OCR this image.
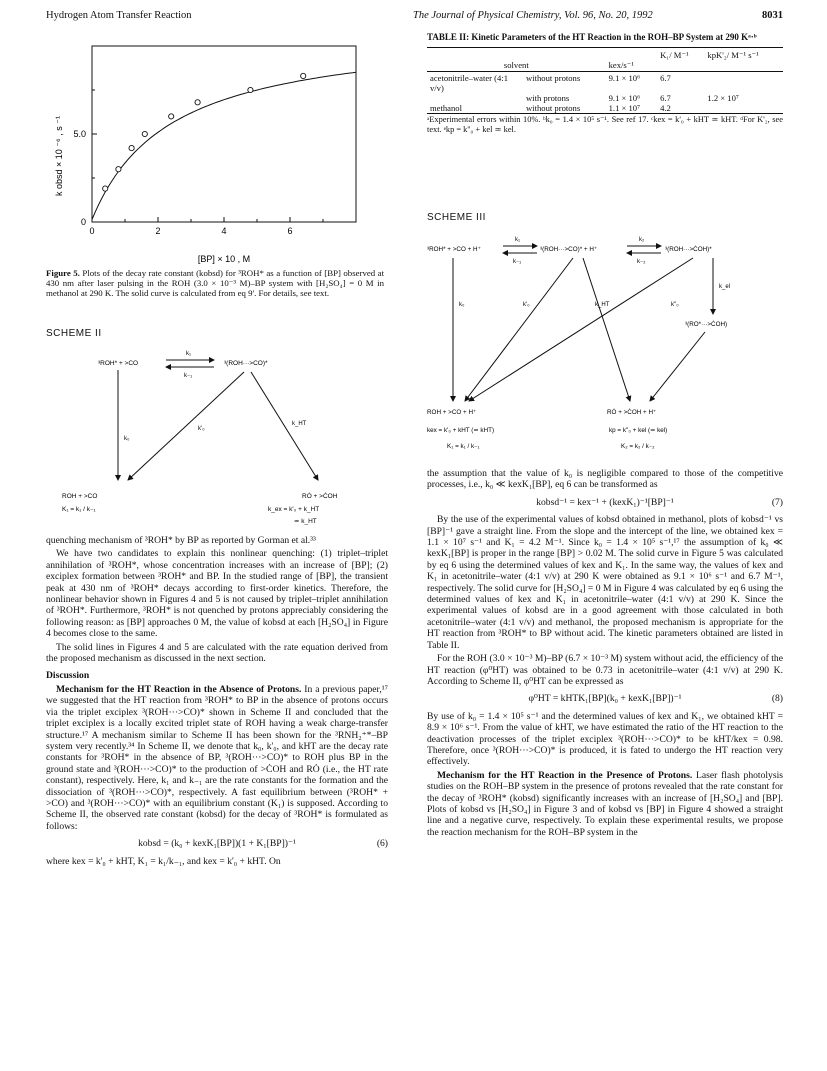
Hydrogen Atom Transfer Reaction	The Journal of Physical Chemistry, Vol. 96, No. 20, 1992	8031
0	2	4	6
0
5.0
k obsd × 10 ⁻⁶ , s ⁻¹
[BP] × 10 , M
Figure 5. Plots of the decay rate constant (kobsd) for ³ROH* as a function of [BP] observed at 430 nm after laser pulsing in the ROH (3.0 × 10⁻³ M)–BP system with [H₂SO₄] = 0 M in methanol at 290 K. The solid curve is calculated from eq 9'. For details, see text.
SCHEME II
³ROH* + >CO	³(ROH···>CO)*
k₁
k₋₁
k₀
k'₀
k_HT
ROH + >CO	RȮ + >ĊOH
K₁ = k₁ / k₋₁	k_ex = k'₀ + k_HT
≃ k_HT

quenching mechanism of ³ROH* by BP as reported by Gorman et al.³³

We have two candidates to explain this nonlinear quenching: (1) triplet–triplet annihilation of ³ROH*, whose concentration increases with an increase of [BP]; (2) exciplex formation between ³ROH* and BP. In the studied range of [BP], the transient peak at 430 nm of ³ROH* decays according to first-order kinetics. Therefore, the nonlinear behavior shown in Figures 4 and 5 is not caused by triplet–triplet annihilation of ³ROH*. Furthermore, ³ROH* is not quenched by protons appreciably considering the following reason: as [BP] approaches 0 M, the value of kobsd at each [H₂SO₄] in Figure 4 becomes close to the same.

The solid lines in Figures 4 and 5 are calculated with the rate equation derived from the proposed mechanism as discussed in the next section.

Discussion

Mechanism for the HT Reaction in the Absence of Protons. In a previous paper,¹⁷ we suggested that the HT reaction from ³ROH* to BP in the absence of protons occurs via the triplet exciplex ³(ROH···>CO)* shown in Scheme II and concluded that the triplet exciplex is a locally excited triplet state of ROH having a weak charge-transfer structure.¹⁷ A mechanism similar to Scheme II has been shown for the ³RNH₂⁺*–BP system very recently.³⁴ In Scheme II, we denote that k₀, k'₀, and kHT are the decay rate constants for ³ROH* in the absence of BP, ³(ROH···>CO)* to ROH plus BP in the ground state and ³(ROH···>CO)* to the production of >ĊOH and RȮ (i.e., the HT rate constant), respectively. Here, k₁ and k₋₁ are the rate constants for the formation and the dissociation of ³(ROH···>CO)*, respectively. A fast equilibrium between (³ROH* + >CO) and ³(ROH···>CO)* with an equilibrium constant (K₁) is supposed. According to Scheme II, the observed rate constant (kobsd) for the decay of ³ROH* is formulated as follows:

kobsd = (k₀ + kexK₁[BP])(1 + K₁[BP])⁻¹	(6)

where kex = k'₀ + kHT, K₁ = k₁/k₋₁, and kex = k'₀ + kHT. On

TABLE II: Kinetic Parameters of the HT Reaction in the ROH–BP System at 290 Kᵃ·ᵇ

solvent		kex/s⁻¹	K₁/ M⁻¹	kpK'₂/ M⁻¹ s⁻¹

acetonitrile–water (4:1 v/v)	without protons	9.1 × 10⁶	6.7	
	with protons	9.1 × 10⁶	6.7	1.2 × 10⁷
methanol	without protons	1.1 × 10⁷	4.2	

ᵃExperimental errors within 10%. ᵇk₀ = 1.4 × 10⁵ s⁻¹. See ref 17. ᶜkex = k'₀ + kHT ≃ kHT. ᵈFor K'₂, see text. ᵉkp = k''₀ + kel ≃ kel.
SCHEME III
³ROH* + >CO + H⁺
k₁
k₋₁
³(ROH···>CO)* + H⁺
k₂
k₋₂
³(ROH···>ĊOH)*
k₀	k'₀	k_HT	k''₀
k_el
³(RO*···>ĊOH)
ROH + >CO + H⁺	RȮ + >ĊOH + H⁺
kex = k'₀ + kHT (≃ kHT)	kp = k''₀ + kel (≃ kel)
K₁ = k₁ / k₋₁	K₂ = k₂ / k₋₂

the assumption that the value of k₀ is negligible compared to those of the competitive processes, i.e., k₀ ≪ kexK₁[BP], eq 6 can be transformed as

kobsd⁻¹ = kex⁻¹ + (kexK₁)⁻¹[BP]⁻¹	(7)

By the use of the experimental values of kobsd obtained in methanol, plots of kobsd⁻¹ vs [BP]⁻¹ gave a straight line. From the slope and the intercept of the line, we obtained kex = 1.1 × 10⁷ s⁻¹ and K₁ = 4.2 M⁻¹. Since k₀ = 1.4 × 10⁵ s⁻¹,¹⁷ the assumption of k₀ ≪ kexK₁[BP] is proper in the range [BP] > 0.02 M. The solid curve in Figure 5 was calculated by eq 6 using the determined values of kex and K₁. In the same way, the values of kex and K₁ in acetonitrile–water (4:1 v/v) at 290 K were obtained as 9.1 × 10⁶ s⁻¹ and 6.7 M⁻¹, respectively. The solid curve for [H₂SO₄] = 0 M in Figure 4 was calculated by eq 6 using the determined values of kex and K₁ in acetonitrile–water (4:1 v/v) at 290 K. Since the experimental values of kobsd are in a good agreement with those calculated in both acetonitrile–water (4:1 v/v) and methanol, the proposed mechanism is appropriate for the HT reaction from ³ROH* to BP without acid. The kinetic parameters obtained are listed in Table II.

For the ROH (3.0 × 10⁻³ M)–BP (6.7 × 10⁻³ M) system without acid, the efficiency of the HT reaction (φ⁰HT) was obtained to be 0.73 in acetonitrile–water (4:1 v/v) at 290 K. According to Scheme II, φ⁰HT can be expressed as

φ⁰HT = kHTK₁[BP](k₀ + kexK₁[BP])⁻¹	(8)

By use of k₀ = 1.4 × 10⁵ s⁻¹ and the determined values of kex and K₁, we obtained kHT = 8.9 × 10⁶ s⁻¹. From the value of kHT, we have estimated the ratio of the HT reaction to the deactivation processes of the triplet exciplex ³(ROH···>CO)* to be kHT/kex = 0.98. Therefore, once ³(ROH···>CO)* is produced, it is fated to undergo the HT reaction very effectively.

Mechanism for the HT Reaction in the Presence of Protons. Laser flash photolysis studies on the ROH–BP system in the presence of protons revealed that the rate constant for the decay of ³ROH* (kobsd) significantly increases with an increase of [H₂SO₄] and [BP]. Plots of kobsd vs [H₂SO₄] in Figure 3 and of kobsd vs [BP] in Figure 4 showed a straight line and a negative curve, respectively. To explain these experimental results, we propose the reaction mechanism for the ROH–BP system in the
